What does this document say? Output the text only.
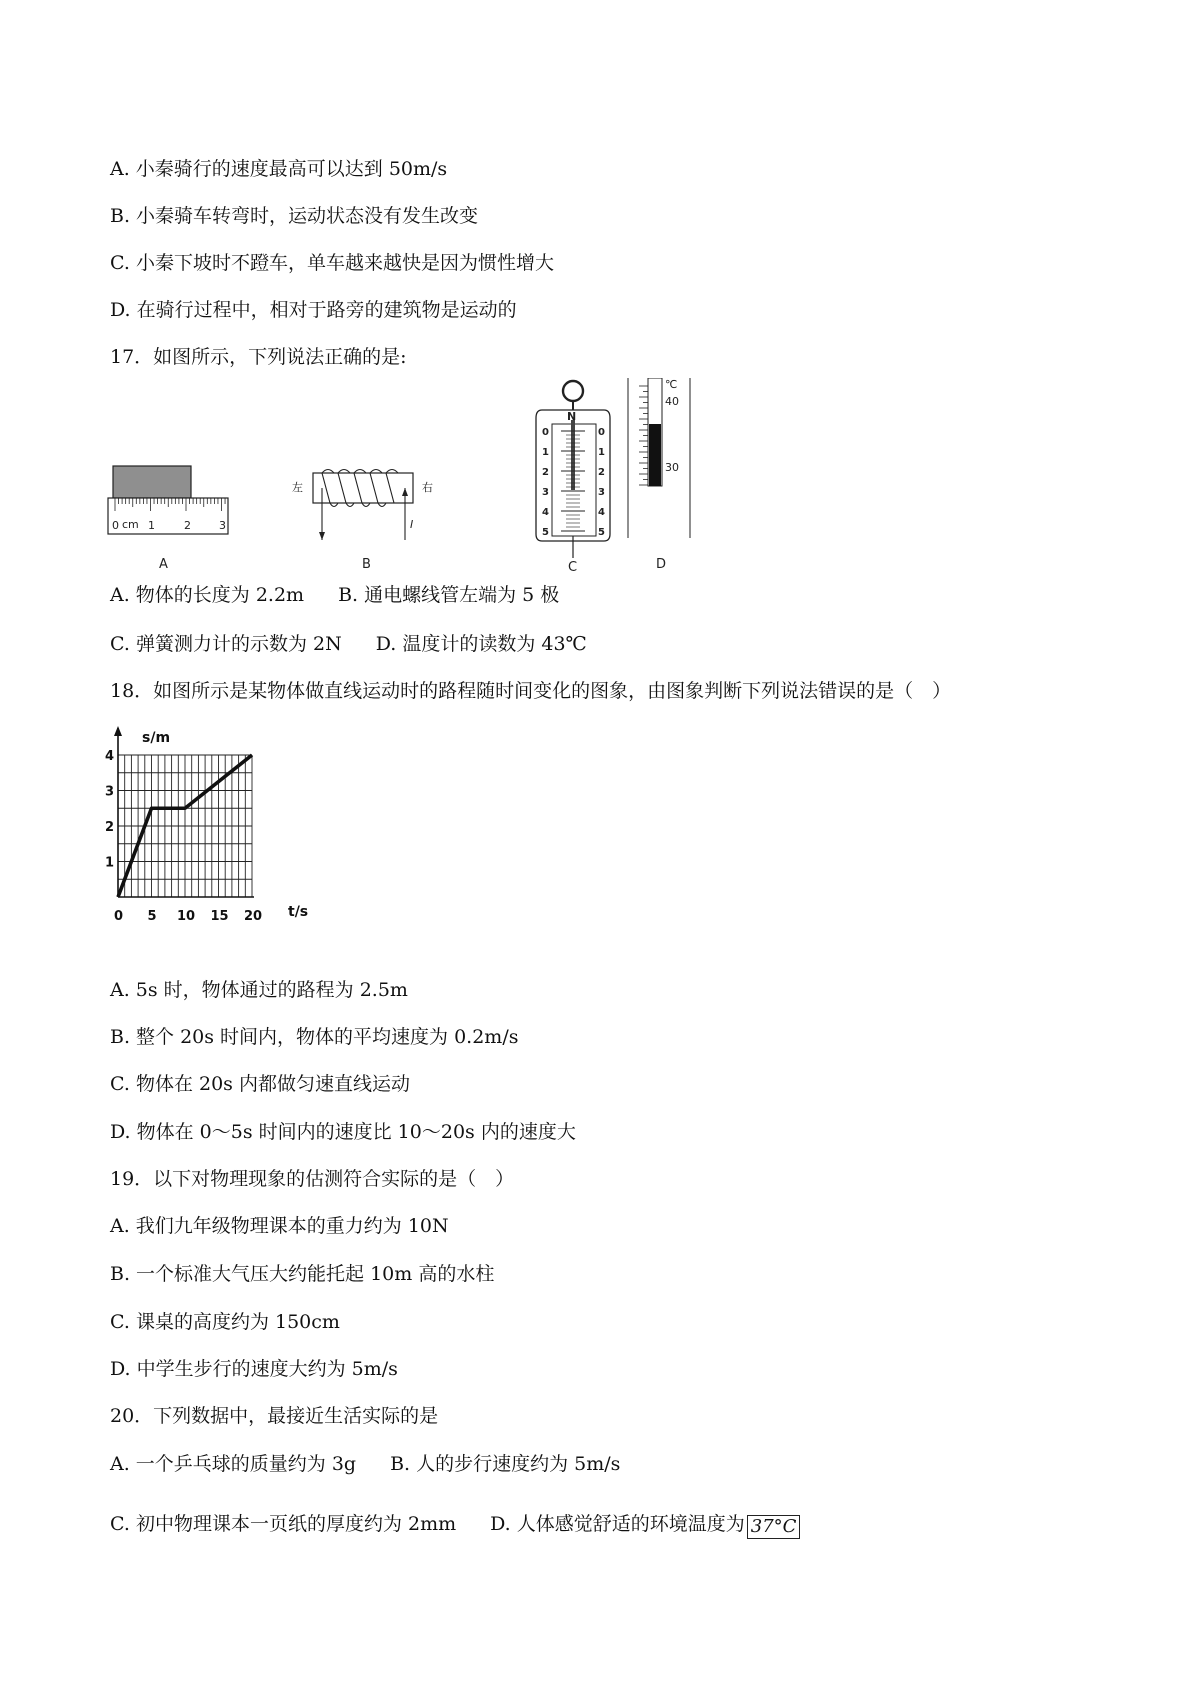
A. 小秦骑行的速度最高可以达到 50m/s
B. 小秦骑车转弯时，运动状态没有发生改变
C. 小秦下坡时不蹬车，单车越来越快是因为惯性增大
D. 在骑行过程中，相对于路旁的建筑物是运动的
17．如图所示，下列说法正确的是:
0 cm 1	2	3
A
左	右
I
B
N
0	0
1	1
2	2
3	3
4	4
5	5
C
℃
40
30
D
A. 物体的长度为 2.2m B. 通电螺线管左端为 5 极
C. 弹簧测力计的示数为 2N D. 温度计的读数为 43℃
18．如图所示是某物体做直线运动时的路程随时间变化的图象，由图象判断下列说法错误的是（　）
s/m
t/s
0 5 10 15 20
1
2
3
4
A. 5s 时，物体通过的路程为 2.5m
B. 整个 20s 时间内，物体的平均速度为 0.2m/s
C. 物体在 20s 内都做匀速直线运动
D. 物体在 0～5s 时间内的速度比 10～20s 内的速度大
19．以下对物理现象的估测符合实际的是（　）
A. 我们九年级物理课本的重力约为 10N
B. 一个标准大气压大约能托起 10m 高的水柱
C. 课桌的高度约为 150cm
D. 中学生步行的速度大约为 5m/s
20．下列数据中，最接近生活实际的是
A. 一个乒乓球的质量约为 3g B. 人的步行速度约为 5m/s
C. 初中物理课本一页纸的厚度约为 2mm D. 人体感觉舒适的环境温度为 37°C
